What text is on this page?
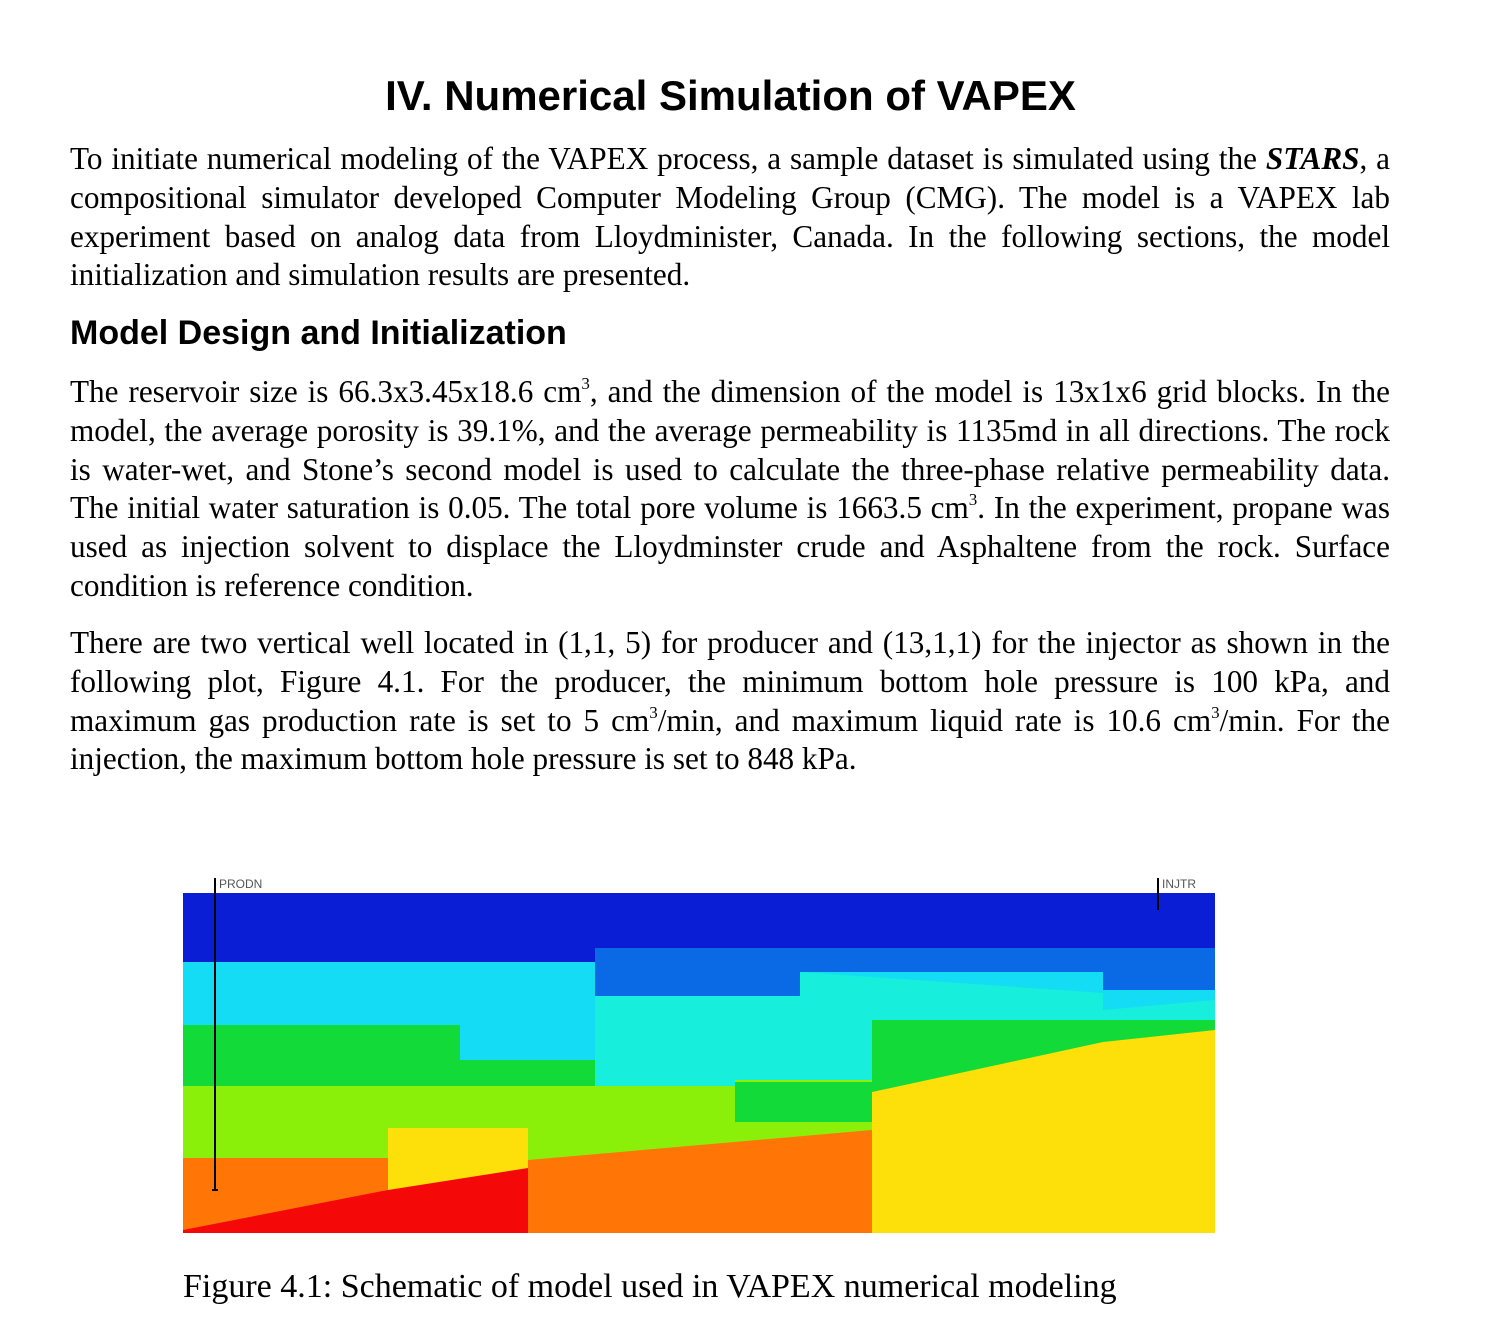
IV. Numerical Simulation of VAPEX

To initiate numerical modeling of the VAPEX process, a sample dataset is simulated using the STARS, a compositional simulator developed Computer Modeling Group (CMG). The model is a VAPEX lab experiment based on analog data from Lloydminister, Canada. In the following sections, the model initialization and simulation results are presented.

Model Design and Initialization

The reservoir size is 66.3x3.45x18.6 $cm^3$, and the dimension of the model is 13x1x6 grid blocks. In the model, the average porosity is 39.1%, and the average permeability is 1135md in all directions. The rock is water-wet, and Stone’s second model is used to calculate the three-phase relative permeability data. The initial water saturation is 0.05. The total pore volume is 1663.5 $cm^3$. In the experiment, propane was used as injection solvent to displace the Lloydminster crude and Asphaltene from the rock. Surface condition is reference condition.

There are two vertical well located in (1,1, 5) for producer and (13,1,1) for the injector as shown in the following plot, Figure 4.1. For the producer, the minimum bottom hole pressure is 100 kPa, and maximum gas production rate is set to 5 $cm^3/\min$, and maximum liquid rate is 10.6 $cm^3/\min$. For the injection, the maximum bottom hole pressure is set to 848 kPa.

PRODN	INJTR

Figure 4.1: Schematic of model used in VAPEX numerical modeling
